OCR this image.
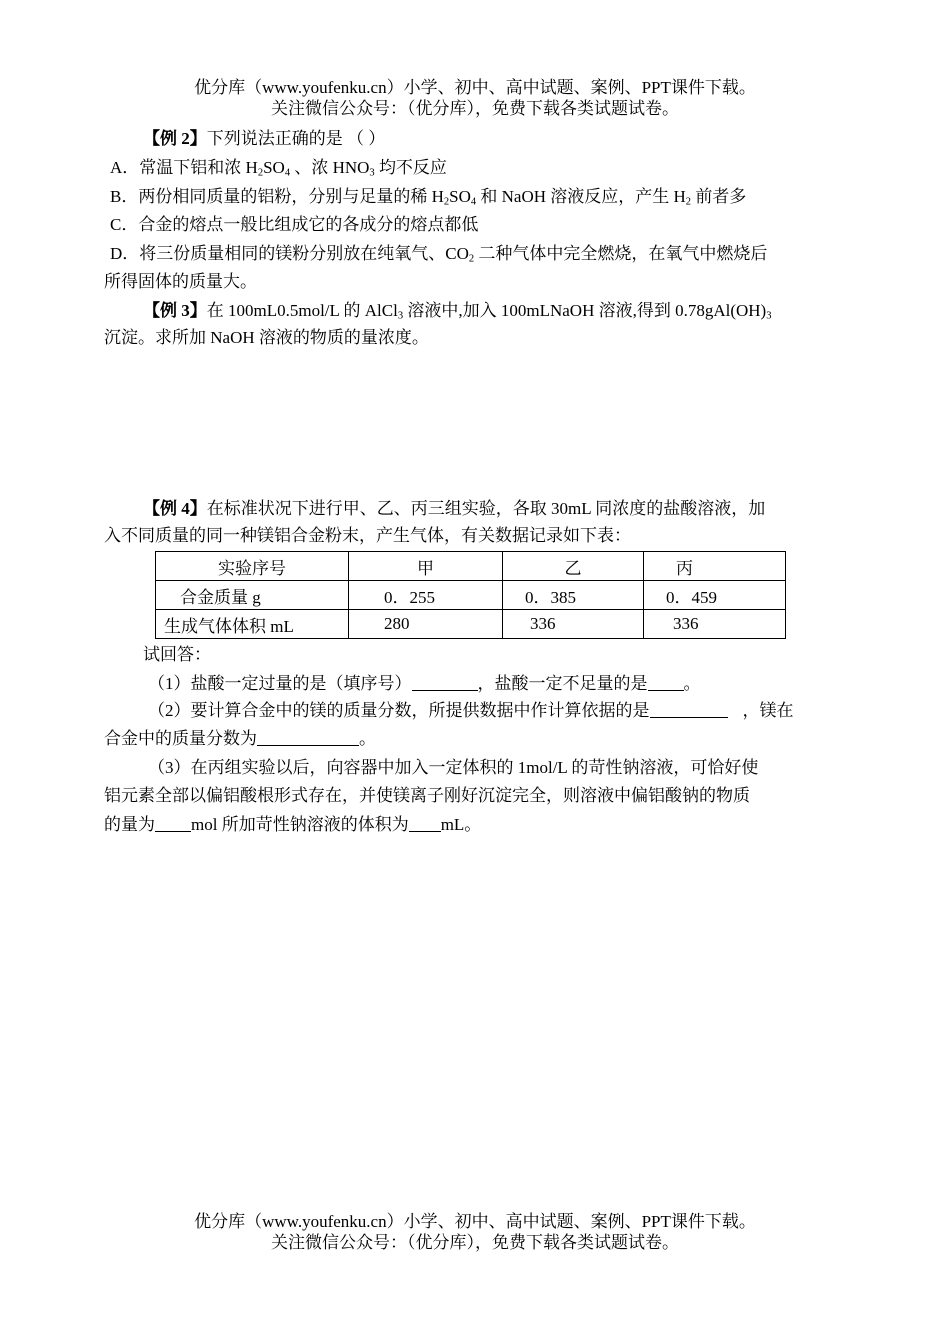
优分库（www.youfenku.cn）小学、初中、高中试题、案例、PPT课件下载。
关注微信公众号：（优分库），免费下载各类试题试卷。
【例 2】下列说法正确的是 （ ）
A．常温下铝和浓 $H_2SO_4$ 、浓 $HNO_3$ 均不反应
B．两份相同质量的铝粉，分别与足量的稀 $H_2SO_4$ 和 NaOH 溶液反应，产生 $H_2$ 前者多
C．合金的熔点一般比组成它的各成分的熔点都低
D．将三份质量相同的镁粉分别放在纯氧气、$CO_2$ 二种气体中完全燃烧，在氧气中燃烧后
所得固体的质量大。
【例 3】在 100mL0.5mol/L 的 AlCl$_3$ 溶液中,加入 100mLNaOH 溶液,得到 $0.78gAl(OH)_3$
沉淀。求所加 NaOH 溶液的物质的量浓度。
【例 4】在标准状况下进行甲、乙、丙三组实验，各取 30mL 同浓度的盐酸溶液，加
入不同质量的同一种镁铝合金粉末，产生气体，有关数据记录如下表：
实验序号	甲	乙	丙
合金质量 g	0．255	0．385	0．459
生成气体体积 mL	280	336	336
试回答：
（1）盐酸一定过量的是（填序号）	，盐酸一定不足量的是 。
（2）要计算合金中的镁的质量分数，所提供数据中作计算依据的是	，镁在
合金中的质量分数为	。
（3）在丙组实验以后，向容器中加入一定体积的 1mol/L 的苛性钠溶液，可恰好使
铝元素全部以偏铝酸根形式存在，并使镁离子刚好沉淀完全，则溶液中偏铝酸钠的物质
的量为 mol 所加苛性钠溶液的体积为 mL。
优分库（www.youfenku.cn）小学、初中、高中试题、案例、PPT课件下载。
关注微信公众号：（优分库），免费下载各类试题试卷。
